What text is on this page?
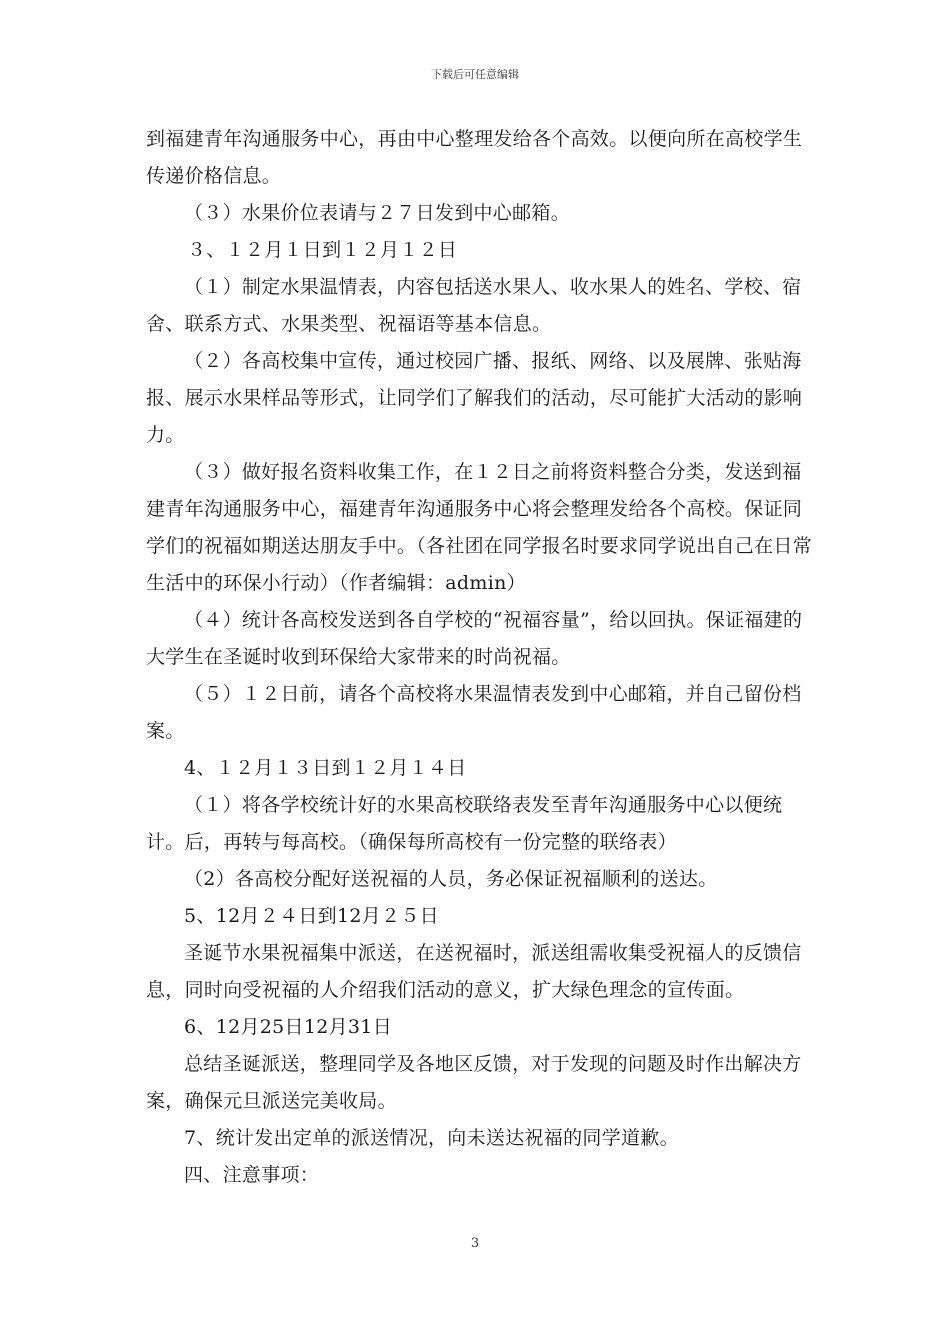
下载后可任意编辑

到福建青年沟通服务中心，再由中心整理发给各个高效。以便向所在高校学生传递价格信息。

（３）水果价位表请与２７日发到中心邮箱。

３、１２月１日到１２月１２日

（１）制定水果温情表，内容包括送水果人、收水果人的姓名、学校、宿舍、联系方式、水果类型、祝福语等基本信息。

（２）各高校集中宣传，通过校园广播、报纸、网络、以及展牌、张贴海报、展示水果样品等形式，让同学们了解我们的活动，尽可能扩大活动的影响力。

（３）做好报名资料收集工作，在１２日之前将资料整合分类，发送到福建青年沟通服务中心，福建青年沟通服务中心将会整理发给各个高校。保证同学们的祝福如期送达朋友手中。（各社团在同学报名时要求同学说出自己在日常生活中的环保小行动）（作者编辑：admin）

（４）统计各高校发送到各自学校的“祝福容量”，给以回执。保证福建的大学生在圣诞时收到环保给大家带来的时尚祝福。

（５）１２日前，请各个高校将水果温情表发到中心邮箱，并自己留份档案。

4、１２月１３日到１２月１４日

（１）将各学校统计好的水果高校联络表发至青年沟通服务中心以便统计。后，再转与每高校。（确保每所高校有一份完整的联络表）

（2）各高校分配好送祝福的人员，务必保证祝福顺利的送达。

5、12月２４日到12月２５日

圣诞节水果祝福集中派送，在送祝福时，派送组需收集受祝福人的反馈信息，同时向受祝福的人介绍我们活动的意义，扩大绿色理念的宣传面。

6、12月25日12月31日

总结圣诞派送，整理同学及各地区反馈，对于发现的问题及时作出解决方案，确保元旦派送完美收局。

7、统计发出定单的派送情况，向未送达祝福的同学道歉。

四、注意事项：

3
